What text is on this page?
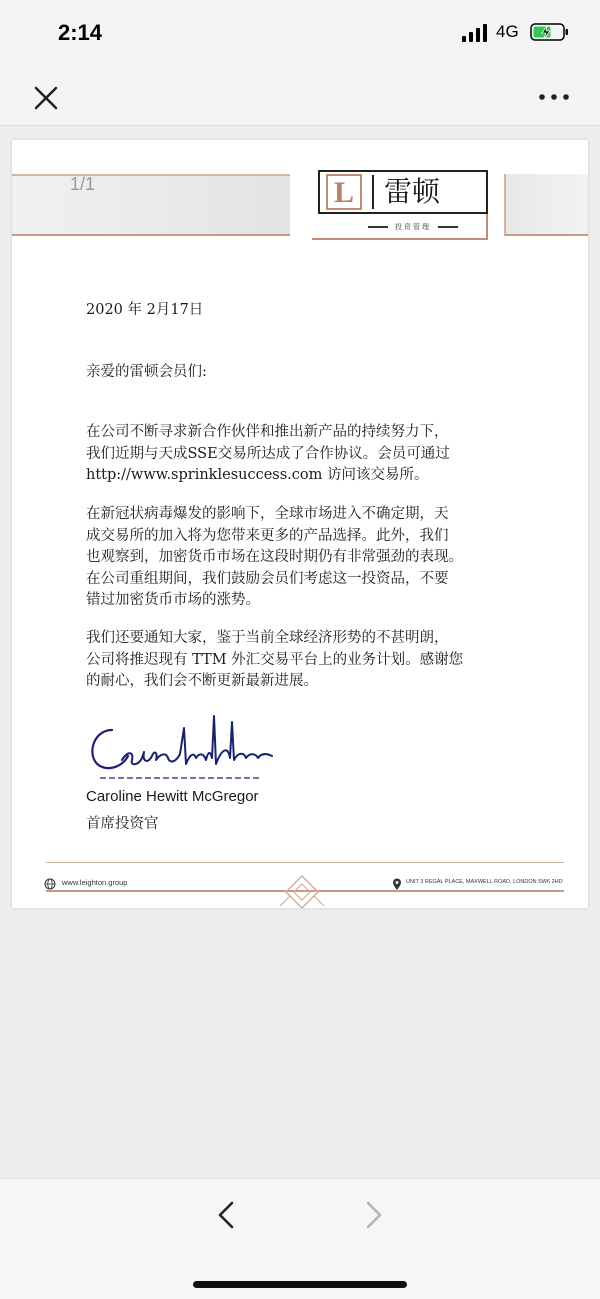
2:14	4G
1/1	L 雷顿
投资管理
2020 年 2月17日
亲爱的雷顿会员们:
在公司不断寻求新合作伙伴和推出新产品的持续努力下，
我们近期与天成SSE交易所达成了合作协议。会员可通过
http://www.sprinklesuccess.com 访问该交易所。
在新冠状病毒爆发的影响下，全球市场进入不确定期，天
成交易所的加入将为您带来更多的产品选择。此外，我们
也观察到，加密货币市场在这段时期仍有非常强劲的表现。
在公司重组期间，我们鼓励会员们考虑这一投资品，不要
错过加密货币市场的涨势。
我们还要通知大家，鉴于当前全球经济形势的不甚明朗，
公司将推迟现有 TTM 外汇交易平台上的业务计划。感谢您
的耐心，我们会不断更新最新进展。
Caroline Hewitt McGregor
首席投资官
www.leighton.group	UNIT 3 REGAL PLACE, MAXWELL ROAD, LONDON SW6 2HD
